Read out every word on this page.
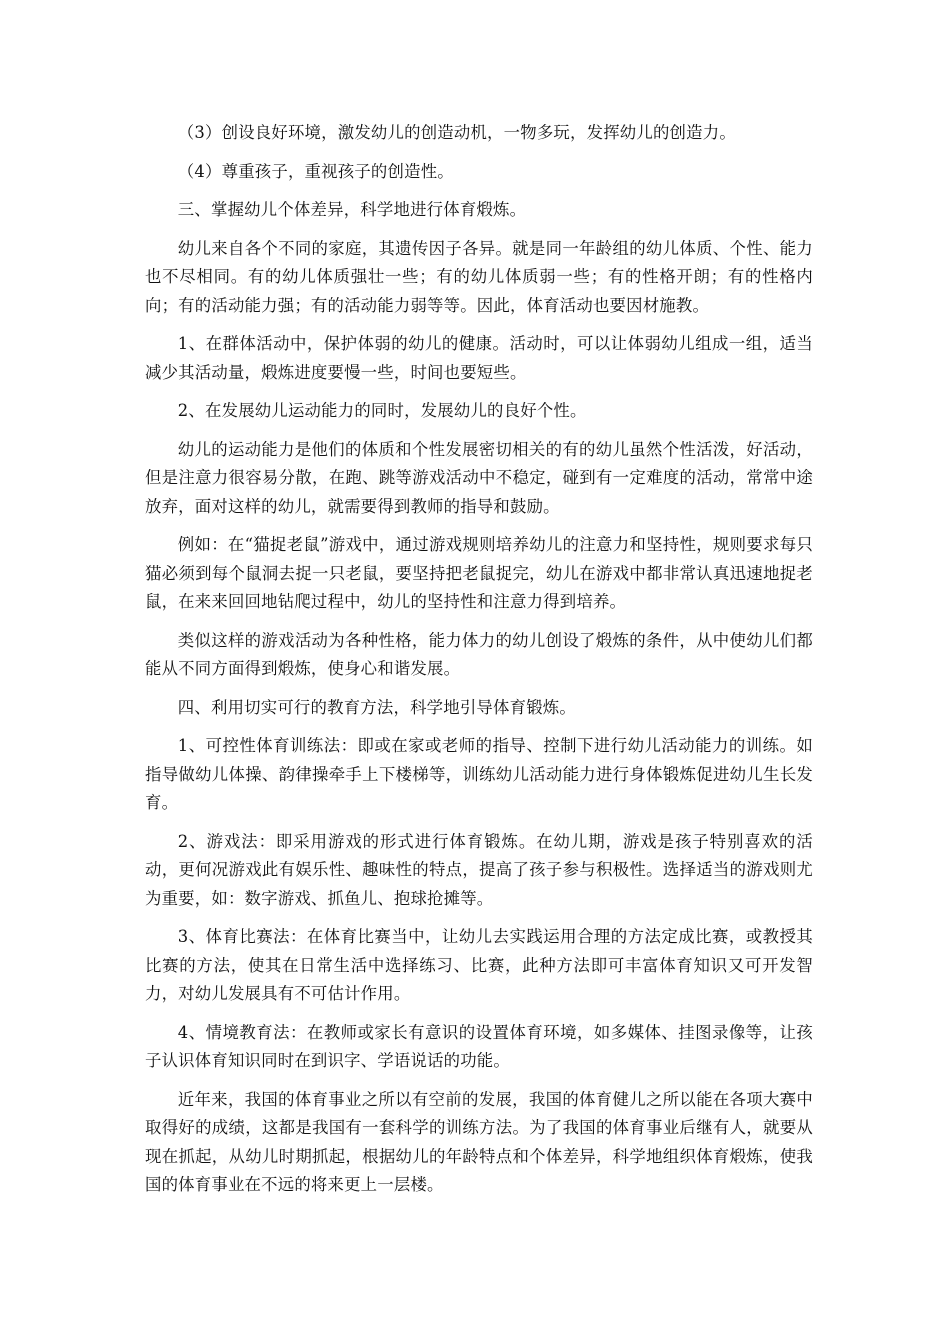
（3）创设良好环境，激发幼儿的创造动机，一物多玩，发挥幼儿的创造力。

（4）尊重孩子，重视孩子的创造性。

三、掌握幼儿个体差异，科学地进行体育煅炼。

幼儿来自各个不同的家庭，其遗传因子各异。就是同一年龄组的幼儿体质、个性、能力也不尽相同。有的幼儿体质强壮一些；有的幼儿体质弱一些；有的性格开朗；有的性格内向；有的活动能力强；有的活动能力弱等等。因此，体育活动也要因材施教。

1、在群体活动中，保护体弱的幼儿的健康。活动时，可以让体弱幼儿组成一组，适当减少其活动量，煅炼进度要慢一些，时间也要短些。

2、在发展幼儿运动能力的同时，发展幼儿的良好个性。

幼儿的运动能力是他们的体质和个性发展密切相关的有的幼儿虽然个性活泼，好活动，但是注意力很容易分散，在跑、跳等游戏活动中不稳定，碰到有一定难度的活动，常常中途放弃，面对这样的幼儿，就需要得到教师的指导和鼓励。

例如：在“猫捉老鼠”游戏中，通过游戏规则培养幼儿的注意力和坚持性，规则要求每只猫必须到每个鼠洞去捉一只老鼠，要坚持把老鼠捉完，幼儿在游戏中都非常认真迅速地捉老鼠，在来来回回地钻爬过程中，幼儿的坚持性和注意力得到培养。

类似这样的游戏活动为各种性格，能力体力的幼儿创设了煅炼的条件，从中使幼儿们都能从不同方面得到煅炼，使身心和谐发展。

四、利用切实可行的教育方法，科学地引导体育锻炼。

1、可控性体育训练法：即或在家或老师的指导、控制下进行幼儿活动能力的训练。如指导做幼儿体操、韵律操牵手上下楼梯等，训练幼儿活动能力进行身体锻炼促进幼儿生长发育。

2、游戏法：即采用游戏的形式进行体育锻炼。在幼儿期，游戏是孩子特别喜欢的活动，更何况游戏此有娱乐性、趣味性的特点，提高了孩子参与积极性。选择适当的游戏则尤为重要，如：数字游戏、抓鱼儿、抱球抢摊等。

3、体育比赛法：在体育比赛当中，让幼儿去实践运用合理的方法定成比赛，或教授其比赛的方法，使其在日常生活中选择练习、比赛，此种方法即可丰富体育知识又可开发智力，对幼儿发展具有不可估计作用。

4、情境教育法：在教师或家长有意识的设置体育环境，如多媒体、挂图录像等，让孩子认识体育知识同时在到识字、学语说话的功能。

近年来，我国的体育事业之所以有空前的发展，我国的体育健儿之所以能在各项大赛中取得好的成绩，这都是我国有一套科学的训练方法。为了我国的体育事业后继有人，就要从现在抓起，从幼儿时期抓起，根据幼儿的年龄特点和个体差异，科学地组织体育煅炼，使我国的体育事业在不远的将来更上一层楼。
